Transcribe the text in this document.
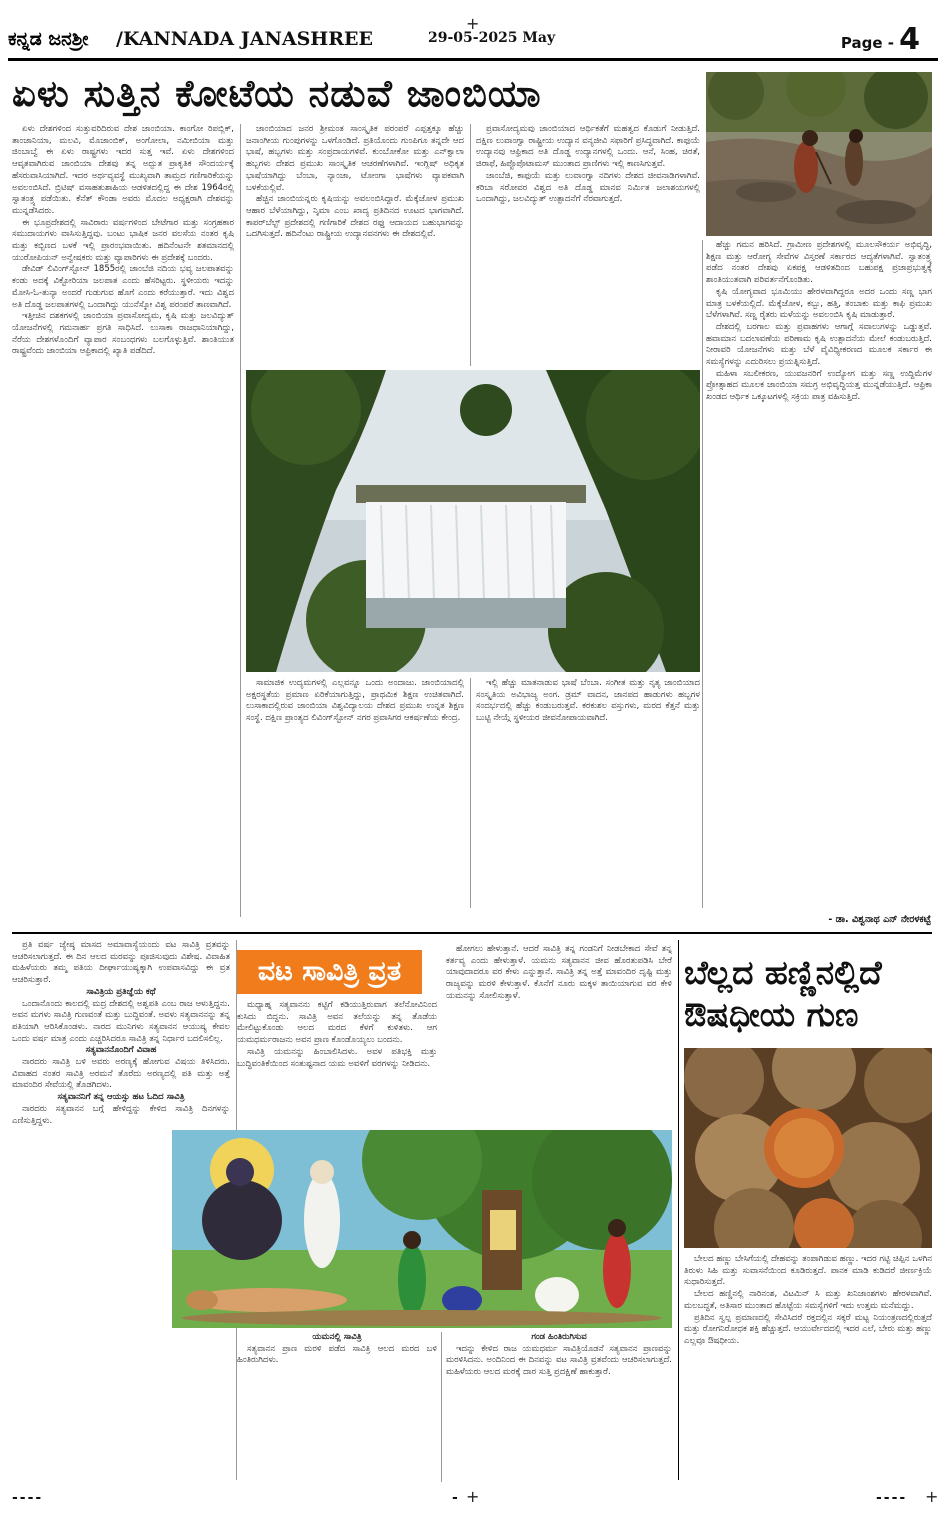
+
+	+
ಕನ್ನಡ ಜನಶ್ರೀ /KANNADA JANASHREE	29-05-2025 May	Page - 4
ಏಳು ಸುತ್ತಿನ ಕೋಟೆಯ ನಡುವೆ ಜಾಂಬಿಯಾ

ಏಳು ದೇಶಗಳಿಂದ ಸುತ್ತುವರಿದಿರುವ ದೇಶ ಜಾಂಬಿಯಾ. ಕಾಂಗೋ ರಿಪಬ್ಲಿಕ್, ತಾಂಜಾನಿಯಾ, ಮಲವಿ, ಮೊಜಾಂಬಿಕ್, ಅಂಗೋಲಾ, ನಮೀಬಿಯಾ ಮತ್ತು ಜಿಂಬಾಬ್ವೆ ಈ ಏಳು ರಾಷ್ಟ್ರಗಳು ಇದರ ಸುತ್ತ ಇವೆ. ಏಳು ದೇಶಗಳಿಂದ ಆವೃತವಾಗಿರುವ ಜಾಂಬಿಯಾ ದೇಶವು ತನ್ನ ಅದ್ಭುತ ಪ್ರಾಕೃತಿಕ ಸೌಂದರ್ಯಕ್ಕೆ ಹೆಸರುವಾಸಿಯಾಗಿದೆ. ಇದರ ಅರ್ಥವ್ಯವಸ್ಥೆ ಮುಖ್ಯವಾಗಿ ತಾಮ್ರದ ಗಣಿಗಾರಿಕೆಯನ್ನು ಅವಲಂಬಿಸಿದೆ. ಬ್ರಿಟಿಷ್ ವಸಾಹತುಶಾಹಿಯ ಆಡಳಿತದಲ್ಲಿದ್ದ ಈ ದೇಶ 1964ರಲ್ಲಿ ಸ್ವಾತಂತ್ರ್ಯ ಪಡೆಯಿತು. ಕೆನೆತ್ ಕೌಂಡಾ ಅವರು ಮೊದಲ ಅಧ್ಯಕ್ಷರಾಗಿ ದೇಶವನ್ನು ಮುನ್ನಡೆಸಿದರು.

ಈ ಭೂಪ್ರದೇಶದಲ್ಲಿ ಸಾವಿರಾರು ವರ್ಷಗಳಿಂದ ಬೇಟೆಗಾರ ಮತ್ತು ಸಂಗ್ರಹಕಾರ ಸಮುದಾಯಗಳು ವಾಸಿಸುತ್ತಿದ್ದವು. ಬಂಟು ಭಾಷಿಕ ಜನರ ವಲಸೆಯ ನಂತರ ಕೃಷಿ ಮತ್ತು ಕಬ್ಬಿಣದ ಬಳಕೆ ಇಲ್ಲಿ ಪ್ರಾರಂಭವಾಯಿತು. ಹದಿನೆಂಟನೇ ಶತಮಾನದಲ್ಲಿ ಯುರೋಪಿಯನ್ ಅನ್ವೇಷಕರು ಮತ್ತು ವ್ಯಾಪಾರಿಗಳು ಈ ಪ್ರದೇಶಕ್ಕೆ ಬಂದರು.

ಡೇವಿಡ್ ಲಿವಿಂಗ್‌ಸ್ಟೋನ್ 1855ರಲ್ಲಿ ಜಾಂಬೆಜಿ ನದಿಯ ಭವ್ಯ ಜಲಪಾತವನ್ನು ಕಂಡು ಅದಕ್ಕೆ ವಿಕ್ಟೋರಿಯಾ ಜಲಪಾತ ಎಂದು ಹೆಸರಿಟ್ಟರು. ಸ್ಥಳೀಯರು ಇದನ್ನು ಮೋಸಿ-ಓ-ತುನ್ಯಾ ಅಂದರೆ ಗುಡುಗುವ ಹೊಗೆ ಎಂದು ಕರೆಯುತ್ತಾರೆ. ಇದು ವಿಶ್ವದ ಅತಿ ದೊಡ್ಡ ಜಲಪಾತಗಳಲ್ಲಿ ಒಂದಾಗಿದ್ದು ಯುನೆಸ್ಕೋ ವಿಶ್ವ ಪರಂಪರೆ ತಾಣವಾಗಿದೆ.

ಇತ್ತೀಚಿನ ದಶಕಗಳಲ್ಲಿ ಜಾಂಬಿಯಾ ಪ್ರವಾಸೋದ್ಯಮ, ಕೃಷಿ ಮತ್ತು ಜಲವಿದ್ಯುತ್ ಯೋಜನೆಗಳಲ್ಲಿ ಗಮನಾರ್ಹ ಪ್ರಗತಿ ಸಾಧಿಸಿದೆ. ಲುಸಾಕಾ ರಾಜಧಾನಿಯಾಗಿದ್ದು, ನೆರೆಯ ದೇಶಗಳೊಂದಿಗೆ ವ್ಯಾಪಾರ ಸಂಬಂಧಗಳು ಬಲಗೊಳ್ಳುತ್ತಿವೆ. ಶಾಂತಿಯುತ ರಾಷ್ಟ್ರವೆಂದು ಜಾಂಬಿಯಾ ಆಫ್ರಿಕಾದಲ್ಲಿ ಖ್ಯಾತಿ ಪಡೆದಿದೆ.

ಜಾಂಬಿಯಾದ ಜನರ ಶ್ರೀಮಂತ ಸಾಂಸ್ಕೃತಿಕ ಪರಂಪರೆ ಎಪ್ಪತ್ತಕ್ಕೂ ಹೆಚ್ಚು ಜನಾಂಗೀಯ ಗುಂಪುಗಳನ್ನು ಒಳಗೊಂಡಿದೆ. ಪ್ರತಿಯೊಂದು ಗುಂಪಿಗೂ ತನ್ನದೇ ಆದ ಭಾಷೆ, ಹಬ್ಬಗಳು ಮತ್ತು ಸಂಪ್ರದಾಯಗಳಿವೆ. ಕುಂಬೋಕೋ ಮತ್ತು ಎನ್‌ಕ್ವಾಲಾ ಹಬ್ಬಗಳು ದೇಶದ ಪ್ರಮುಖ ಸಾಂಸ್ಕೃತಿಕ ಆಚರಣೆಗಳಾಗಿವೆ. ಇಂಗ್ಲಿಷ್ ಅಧಿಕೃತ ಭಾಷೆಯಾಗಿದ್ದು ಬೆಂಬಾ, ನ್ಯಾಂಜಾ, ಟೋಂಗಾ ಭಾಷೆಗಳು ವ್ಯಾಪಕವಾಗಿ ಬಳಕೆಯಲ್ಲಿವೆ.

ಹೆಚ್ಚಿನ ಜಾಂಬಿಯನ್ನರು ಕೃಷಿಯನ್ನು ಅವಲಂಬಿಸಿದ್ದಾರೆ. ಮೆಕ್ಕೆಜೋಳ ಪ್ರಮುಖ ಆಹಾರ ಬೆಳೆಯಾಗಿದ್ದು, ನ್ಶಿಮಾ ಎಂಬ ಖಾದ್ಯ ಪ್ರತಿದಿನದ ಊಟದ ಭಾಗವಾಗಿದೆ. ಕಾಪರ್‌ಬೆಲ್ಟ್ ಪ್ರದೇಶದಲ್ಲಿ ಗಣಿಗಾರಿಕೆ ದೇಶದ ರಫ್ತು ಆದಾಯದ ಬಹುಭಾಗವನ್ನು ಒದಗಿಸುತ್ತದೆ. ಹದಿನೆಂಟು ರಾಷ್ಟ್ರೀಯ ಉದ್ಯಾನವನಗಳು ಈ ದೇಶದಲ್ಲಿವೆ.

ಪ್ರವಾಸೋದ್ಯಮವು ಜಾಂಬಿಯಾದ ಆರ್ಥಿಕತೆಗೆ ಮಹತ್ವದ ಕೊಡುಗೆ ನೀಡುತ್ತಿದೆ. ದಕ್ಷಿಣ ಲುವಾಂಗ್ವಾ ರಾಷ್ಟ್ರೀಯ ಉದ್ಯಾನ ವನ್ಯಜೀವಿ ಸಫಾರಿಗೆ ಪ್ರಸಿದ್ಧವಾಗಿದೆ. ಕಾಫುಯೆ ಉದ್ಯಾನವು ಆಫ್ರಿಕಾದ ಅತಿ ದೊಡ್ಡ ಉದ್ಯಾನಗಳಲ್ಲಿ ಒಂದು. ಆನೆ, ಸಿಂಹ, ಚಿರತೆ, ಜಿರಾಫೆ, ಹಿಪ್ಪೊಪೊಟಾಮಸ್ ಮುಂತಾದ ಪ್ರಾಣಿಗಳು ಇಲ್ಲಿ ಕಾಣಸಿಗುತ್ತವೆ.

ಜಾಂಬೆಜಿ, ಕಾಫುಯೆ ಮತ್ತು ಲುವಾಂಗ್ವಾ ನದಿಗಳು ದೇಶದ ಜೀವನಾಡಿಗಳಾಗಿವೆ. ಕರಿಬಾ ಸರೋವರ ವಿಶ್ವದ ಅತಿ ದೊಡ್ಡ ಮಾನವ ನಿರ್ಮಿತ ಜಲಾಶಯಗಳಲ್ಲಿ ಒಂದಾಗಿದ್ದು, ಜಲವಿದ್ಯುತ್ ಉತ್ಪಾದನೆಗೆ ನೆರವಾಗುತ್ತದೆ.

ಹೆಚ್ಚು ಗಮನ ಹರಿಸಿದೆ. ಗ್ರಾಮೀಣ ಪ್ರದೇಶಗಳಲ್ಲಿ ಮೂಲಸೌಕರ್ಯ ಅಭಿವೃದ್ಧಿ, ಶಿಕ್ಷಣ ಮತ್ತು ಆರೋಗ್ಯ ಸೇವೆಗಳ ವಿಸ್ತರಣೆ ಸರ್ಕಾರದ ಆದ್ಯತೆಗಳಾಗಿವೆ. ಸ್ವಾತಂತ್ರ್ಯ ಪಡೆದ ನಂತರ ದೇಶವು ಏಕಪಕ್ಷ ಆಡಳಿತದಿಂದ ಬಹುಪಕ್ಷ ಪ್ರಜಾಪ್ರಭುತ್ವಕ್ಕೆ ಶಾಂತಿಯುತವಾಗಿ ಪರಿವರ್ತನೆಗೊಂಡಿತು.

ಕೃಷಿ ಯೋಗ್ಯವಾದ ಭೂಮಿಯು ಹೇರಳವಾಗಿದ್ದರೂ ಅದರ ಒಂದು ಸಣ್ಣ ಭಾಗ ಮಾತ್ರ ಬಳಕೆಯಲ್ಲಿದೆ. ಮೆಕ್ಕೆಜೋಳ, ಕಬ್ಬು, ಹತ್ತಿ, ತಂಬಾಕು ಮತ್ತು ಕಾಫಿ ಪ್ರಮುಖ ಬೆಳೆಗಳಾಗಿವೆ. ಸಣ್ಣ ರೈತರು ಮಳೆಯನ್ನು ಅವಲಂಬಿಸಿ ಕೃಷಿ ಮಾಡುತ್ತಾರೆ.

ದೇಶದಲ್ಲಿ ಬರಗಾಲ ಮತ್ತು ಪ್ರವಾಹಗಳು ಆಗಾಗ್ಗೆ ಸವಾಲುಗಳನ್ನು ಒಡ್ಡುತ್ತವೆ. ಹವಾಮಾನ ಬದಲಾವಣೆಯ ಪರಿಣಾಮ ಕೃಷಿ ಉತ್ಪಾದನೆಯ ಮೇಲೆ ಕಂಡುಬರುತ್ತಿದೆ. ನೀರಾವರಿ ಯೋಜನೆಗಳು ಮತ್ತು ಬೆಳೆ ವೈವಿಧ್ಯೀಕರಣದ ಮೂಲಕ ಸರ್ಕಾರ ಈ ಸಮಸ್ಯೆಗಳನ್ನು ಎದುರಿಸಲು ಪ್ರಯತ್ನಿಸುತ್ತಿದೆ.

ಮಹಿಳಾ ಸಬಲೀಕರಣ, ಯುವಜನರಿಗೆ ಉದ್ಯೋಗ ಮತ್ತು ಸಣ್ಣ ಉದ್ದಿಮೆಗಳ ಪ್ರೋತ್ಸಾಹದ ಮೂಲಕ ಜಾಂಬಿಯಾ ಸಮಗ್ರ ಅಭಿವೃದ್ಧಿಯತ್ತ ಮುನ್ನಡೆಯುತ್ತಿದೆ. ಆಫ್ರಿಕಾ ಖಂಡದ ಆರ್ಥಿಕ ಒಕ್ಕೂಟಗಳಲ್ಲಿ ಸಕ್ರಿಯ ಪಾತ್ರ ವಹಿಸುತ್ತಿದೆ.

ಸಾಮಾಜಿಕ ಉದ್ಯಮಗಳಲ್ಲಿ ಎಲ್ಲವನ್ನೂ ಒಂದು ಅಂದಾಜು. ಜಾಂಬಿಯಾದಲ್ಲಿ ಅಕ್ಷರಸ್ಥತೆಯ ಪ್ರಮಾಣ ಏರಿಕೆಯಾಗುತ್ತಿದ್ದು, ಪ್ರಾಥಮಿಕ ಶಿಕ್ಷಣ ಉಚಿತವಾಗಿದೆ. ಲುಸಾಕಾದಲ್ಲಿರುವ ಜಾಂಬಿಯಾ ವಿಶ್ವವಿದ್ಯಾಲಯ ದೇಶದ ಪ್ರಮುಖ ಉನ್ನತ ಶಿಕ್ಷಣ ಸಂಸ್ಥೆ. ದಕ್ಷಿಣ ಪ್ರಾಂತ್ಯದ ಲಿವಿಂಗ್‌ಸ್ಟೋನ್ ನಗರ ಪ್ರವಾಸಿಗರ ಆಕರ್ಷಣೆಯ ಕೇಂದ್ರ.

ಇಲ್ಲಿ ಹೆಚ್ಚು ಮಾತನಾಡುವ ಭಾಷೆ ಬೆಂಬಾ. ಸಂಗೀತ ಮತ್ತು ನೃತ್ಯ ಜಾಂಬಿಯಾದ ಸಂಸ್ಕೃತಿಯ ಅವಿಭಾಜ್ಯ ಅಂಗ. ಡ್ರಮ್ ವಾದನ, ಜಾನಪದ ಹಾಡುಗಳು ಹಬ್ಬಗಳ ಸಂದರ್ಭದಲ್ಲಿ ಹೆಚ್ಚು ಕಂಡುಬರುತ್ತವೆ. ಕರಕುಶಲ ವಸ್ತುಗಳು, ಮರದ ಕೆತ್ತನೆ ಮತ್ತು ಬುಟ್ಟಿ ನೇಯ್ಗೆ ಸ್ಥಳೀಯರ ಜೀವನೋಪಾಯವಾಗಿದೆ.

- ಡಾ. ವಿಶ್ವನಾಥ ಎನ್ ನೇರಳಕಟ್ಟೆ

ಪ್ರತಿ ವರ್ಷ ಜ್ಯೇಷ್ಠ ಮಾಸದ ಅಮಾವಾಸ್ಯೆಯಂದು ವಟ ಸಾವಿತ್ರಿ ವ್ರತವನ್ನು ಆಚರಿಸಲಾಗುತ್ತದೆ. ಈ ದಿನ ಆಲದ ಮರವನ್ನು ಪೂಜಿಸುವುದು ವಿಶೇಷ. ವಿವಾಹಿತ ಮಹಿಳೆಯರು ತಮ್ಮ ಪತಿಯ ದೀರ್ಘಾಯುಷ್ಯಕ್ಕಾಗಿ ಉಪವಾಸವಿದ್ದು ಈ ವ್ರತ ಆಚರಿಸುತ್ತಾರೆ.

ಸಾವಿತ್ರಿಯ ಪ್ರತಿಜ್ಞೆಯ ಕಥೆ

ಒಂದಾನೊಂದು ಕಾಲದಲ್ಲಿ ಮದ್ರ ದೇಶದಲ್ಲಿ ಅಶ್ವಪತಿ ಎಂಬ ರಾಜ ಆಳುತ್ತಿದ್ದನು. ಅವನ ಮಗಳು ಸಾವಿತ್ರಿ ಗುಣವಂತೆ ಮತ್ತು ಬುದ್ಧಿವಂತೆ. ಅವಳು ಸತ್ಯವಾನನನ್ನು ತನ್ನ ಪತಿಯಾಗಿ ಆರಿಸಿಕೊಂಡಳು. ನಾರದ ಮುನಿಗಳು ಸತ್ಯವಾನನ ಆಯುಷ್ಯ ಕೇವಲ ಒಂದು ವರ್ಷ ಮಾತ್ರ ಎಂದು ಎಚ್ಚರಿಸಿದರೂ ಸಾವಿತ್ರಿ ತನ್ನ ನಿರ್ಧಾರ ಬದಲಿಸಲಿಲ್ಲ.

ಸತ್ಯವಾನನೊಂದಿಗೆ ವಿವಾಹ

ನಾರದರು ಸಾವಿತ್ರಿ ಬಳಿ ಅವರು ಅರಣ್ಯಕ್ಕೆ ಹೋಗುವ ವಿಷಯ ತಿಳಿಸಿದರು. ವಿವಾಹದ ನಂತರ ಸಾವಿತ್ರಿ ಅರಮನೆ ತೊರೆದು ಅರಣ್ಯದಲ್ಲಿ ಪತಿ ಮತ್ತು ಅತ್ತೆ ಮಾವಂದಿರ ಸೇವೆಯಲ್ಲಿ ತೊಡಗಿದಳು.

ಸತ್ಯವಾನನಿಗೆ ತನ್ನ ಆಯಸ್ಸು ಹಟ ಓದಿದ ಸಾವಿತ್ರಿ

ನಾರದರು ಸತ್ಯವಾನನ ಬಗ್ಗೆ ಹೇಳಿದ್ದನ್ನು ಕೇಳಿದ ಸಾವಿತ್ರಿ ದಿನಗಳನ್ನು ಎಣಿಸುತ್ತಿದ್ದಳು.

ವಟ ಸಾವಿತ್ರಿ ವ್ರತ

ಮಧ್ಯಾಹ್ನ ಸತ್ಯವಾನನು ಕಟ್ಟಿಗೆ ಕಡಿಯುತ್ತಿರುವಾಗ ತಲೆನೋವಿನಿಂದ ಕುಸಿದು ಬಿದ್ದನು. ಸಾವಿತ್ರಿ ಅವನ ತಲೆಯನ್ನು ತನ್ನ ತೊಡೆಯ ಮೇಲಿಟ್ಟುಕೊಂಡು ಆಲದ ಮರದ ಕೆಳಗೆ ಕುಳಿತಳು. ಆಗ ಯಮಧರ್ಮರಾಜನು ಅವನ ಪ್ರಾಣ ಕೊಂಡೊಯ್ಯಲು ಬಂದನು.

ಸಾವಿತ್ರಿ ಯಮನನ್ನು ಹಿಂಬಾಲಿಸಿದಳು. ಅವಳ ಪತಿಭಕ್ತಿ ಮತ್ತು ಬುದ್ಧಿವಂತಿಕೆಯಿಂದ ಸಂತುಷ್ಟನಾದ ಯಮ ಅವಳಿಗೆ ವರಗಳನ್ನು ನೀಡಿದನು.

ಹೋಗಲು ಹೇಳುತ್ತಾನೆ. ಆದರೆ ಸಾವಿತ್ರಿ ತನ್ನ ಗಂಡನಿಗೆ ನೀಡಬೇಕಾದ ಸೇವೆ ತನ್ನ ಕರ್ತವ್ಯ ಎಂದು ಹೇಳುತ್ತಾಳೆ. ಯಮನು ಸತ್ಯವಾನನ ಜೀವ ಹೊರತುಪಡಿಸಿ ಬೇರೆ ಯಾವುದಾದರೂ ವರ ಕೇಳು ಎನ್ನುತ್ತಾನೆ. ಸಾವಿತ್ರಿ ತನ್ನ ಅತ್ತೆ ಮಾವಂದಿರ ದೃಷ್ಟಿ ಮತ್ತು ರಾಜ್ಯವನ್ನು ಮರಳಿ ಕೇಳುತ್ತಾಳೆ. ಕೊನೆಗೆ ನೂರು ಮಕ್ಕಳ ತಾಯಿಯಾಗುವ ವರ ಕೇಳಿ ಯಮನನ್ನು ಸೋಲಿಸುತ್ತಾಳೆ.

ಯಮನಲ್ಲಿ ಸಾವಿತ್ರಿ

ಸತ್ಯವಾನನ ಪ್ರಾಣ ಮರಳಿ ಪಡೆದ ಸಾವಿತ್ರಿ ಆಲದ ಮರದ ಬಳಿ ಹಿಂತಿರುಗಿದಳು.

ಗಂಡ ಹಿಂತಿರುಗಿಸುವ

ಇದನ್ನು ಕೇಳಿದ ರಾಜ ಯಮಧರ್ಮ ಸಾವಿತ್ರಿಯೊಡನೆ ಸತ್ಯವಾನನ ಪ್ರಾಣವನ್ನು ಮರಳಿಸಿದನು. ಅಂದಿನಿಂದ ಈ ದಿನವನ್ನು ವಟ ಸಾವಿತ್ರಿ ವ್ರತವೆಂದು ಆಚರಿಸಲಾಗುತ್ತದೆ. ಮಹಿಳೆಯರು ಆಲದ ಮರಕ್ಕೆ ದಾರ ಸುತ್ತಿ ಪ್ರದಕ್ಷಿಣೆ ಹಾಕುತ್ತಾರೆ.

ಬೆಲ್ಲದ ಹಣ್ಣಿನಲ್ಲಿದೆ ಔಷಧೀಯ ಗುಣ

ಬೇಲದ ಹಣ್ಣು ಬೇಸಿಗೆಯಲ್ಲಿ ದೇಹವನ್ನು ತಂಪಾಗಿಡುವ ಹಣ್ಣು. ಇದರ ಗಟ್ಟಿ ಚಿಪ್ಪಿನ ಒಳಗಿನ ತಿರುಳು ಸಿಹಿ ಮತ್ತು ಸುವಾಸನೆಯಿಂದ ಕೂಡಿರುತ್ತದೆ. ಪಾನಕ ಮಾಡಿ ಕುಡಿದರೆ ಜೀರ್ಣಕ್ರಿಯೆ ಸುಧಾರಿಸುತ್ತದೆ.

ಬೇಲದ ಹಣ್ಣಿನಲ್ಲಿ ನಾರಿನಂಶ, ವಿಟಮಿನ್ ಸಿ ಮತ್ತು ಖನಿಜಾಂಶಗಳು ಹೇರಳವಾಗಿವೆ. ಮಲಬದ್ಧತೆ, ಅತಿಸಾರ ಮುಂತಾದ ಹೊಟ್ಟೆಯ ಸಮಸ್ಯೆಗಳಿಗೆ ಇದು ಉತ್ತಮ ಮನೆಮದ್ದು.

ಪ್ರತಿದಿನ ಸ್ವಲ್ಪ ಪ್ರಮಾಣದಲ್ಲಿ ಸೇವಿಸಿದರೆ ರಕ್ತದಲ್ಲಿನ ಸಕ್ಕರೆ ಮಟ್ಟ ನಿಯಂತ್ರಣದಲ್ಲಿರುತ್ತದೆ ಮತ್ತು ರೋಗನಿರೋಧಕ ಶಕ್ತಿ ಹೆಚ್ಚುತ್ತದೆ. ಆಯುರ್ವೇದದಲ್ಲಿ ಇದರ ಎಲೆ, ಬೇರು ಮತ್ತು ಹಣ್ಣು ಎಲ್ಲವೂ ಔಷಧೀಯ.

----	-	----
